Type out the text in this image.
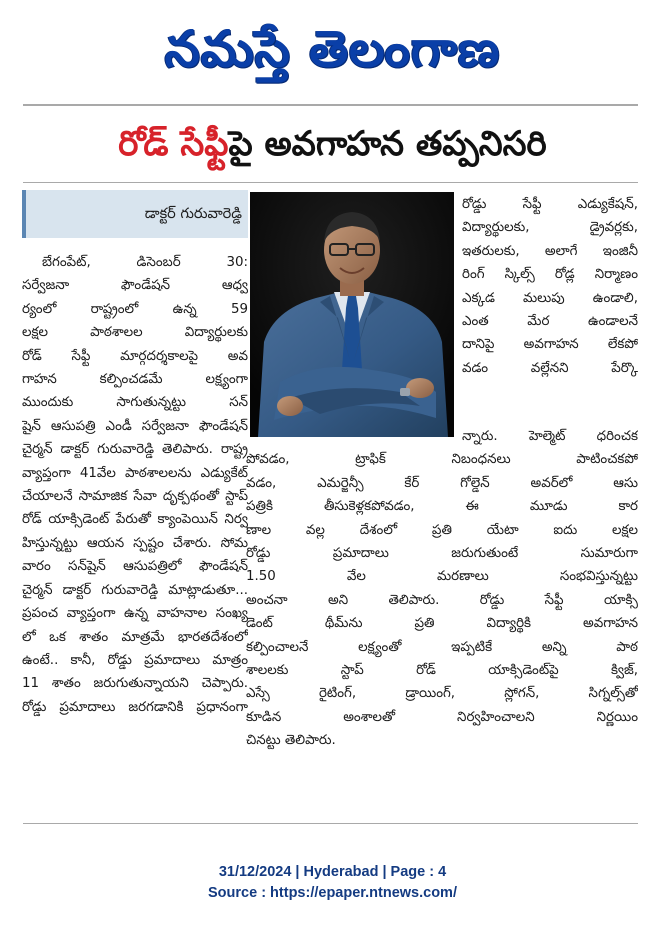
నమస్తే తెలంగాణ
రోడ్ సేఫ్టీపై అవగాహన తప్పనిసరి
డాక్టర్ గురువారెడ్డి

బేగంపేట్, డిసెంబర్ 30:

సర్వేజనా ఫౌండేషన్ ఆధ్వ

ర్యంలో రాష్ట్రంలో ఉన్న 59

లక్షల పాఠశాలల విద్యార్థులకు

రోడ్ సేఫ్టీ మార్గదర్శకాలపై అవ

గాహన కల్పించడమే లక్ష్యంగా

ముందుకు సాగుతున్నట్టు సన్

షైన్ ఆసుపత్రి ఎండీ సర్వేజనా ఫౌండేషన్

చైర్మన్ డాక్టర్ గురువారెడ్డి తెలిపారు. రాష్ట్ర

వ్యాప్తంగా 41వేల పాఠశాలలను ఎడ్యుకేట్

చేయాలనే సామాజిక సేవా దృక్పథంతో స్టాప్

రోడ్ యాక్సిడెంట్ పేరుతో క్యాంపెయిన్ నిర్వ

హిస్తున్నట్టు ఆయన స్పష్టం చేశారు. సోమ

వారం సన్‌షైన్ ఆసుపత్రిలో ఫౌండేషన్

చైర్మన్ డాక్టర్ గురువారెడ్డి మాట్లాడుతూ...

ప్రపంచ వ్యాప్తంగా ఉన్న వాహనాల సంఖ్య

లో ఒక శాతం మాత్రమే భారతదేశంలో

ఉంటే.. కానీ, రోడ్డు ప్రమాదాలు మాత్రం

11 శాతం జరుగుతున్నాయని చెప్పారు.

రోడ్డు ప్రమాదాలు జరగడానికి ప్రధానంగా

రోడ్డు సేఫ్టీ ఎడ్యుకేషన్,

విద్యార్థులకు, డ్రైవర్లకు,

ఇతరులకు, అలాగే ఇంజినీ

రింగ్ స్కిల్స్ రోడ్ల నిర్మాణం

ఎక్కడ మలుపు ఉండాలి,

ఎంత మేర ఉండాలనే

దానిపై అవగాహన లేకపో

వడం వల్లేనని పేర్కొ

న్నారు. హెల్మెట్ ధరించక

పోవడం, ట్రాఫిక్ నిబంధనలు పాటించకపో

వడం, ఎమర్జెన్సీ కేర్ గోల్డెన్ అవర్‌లో ఆసు

పత్రికి తీసుకెళ్లకపోవడం, ఈ మూడు కార

ణాల వల్ల దేశంలో ప్రతి యేటా ఐదు లక్షల

రోడ్డు ప్రమాదాలు జరుగుతుంటే సుమారుగా

1.50 వేల మరణాలు సంభవిస్తున్నట్టు

అంచనా అని తెలిపారు. రోడ్డు సేఫ్టీ యాక్సి

డెంట్ థీమ్‌ను ప్రతి విద్యార్థికి అవగాహన

కల్పించాలనే లక్ష్యంతో ఇప్పటికే అన్ని పాఠ

శాలలకు స్టాప్ రోడ్ యాక్సిడెంట్‌పై క్విజ్,

ఎస్సే రైటింగ్, డ్రాయింగ్, స్లోగన్, సిగ్నల్స్‌తో

కూడిన అంశాలతో నిర్వహించాలని నిర్ణయిం

చినట్టు తెలిపారు.

31/12/2024 | Hyderabad | Page : 4
Source : https://epaper.ntnews.com/
